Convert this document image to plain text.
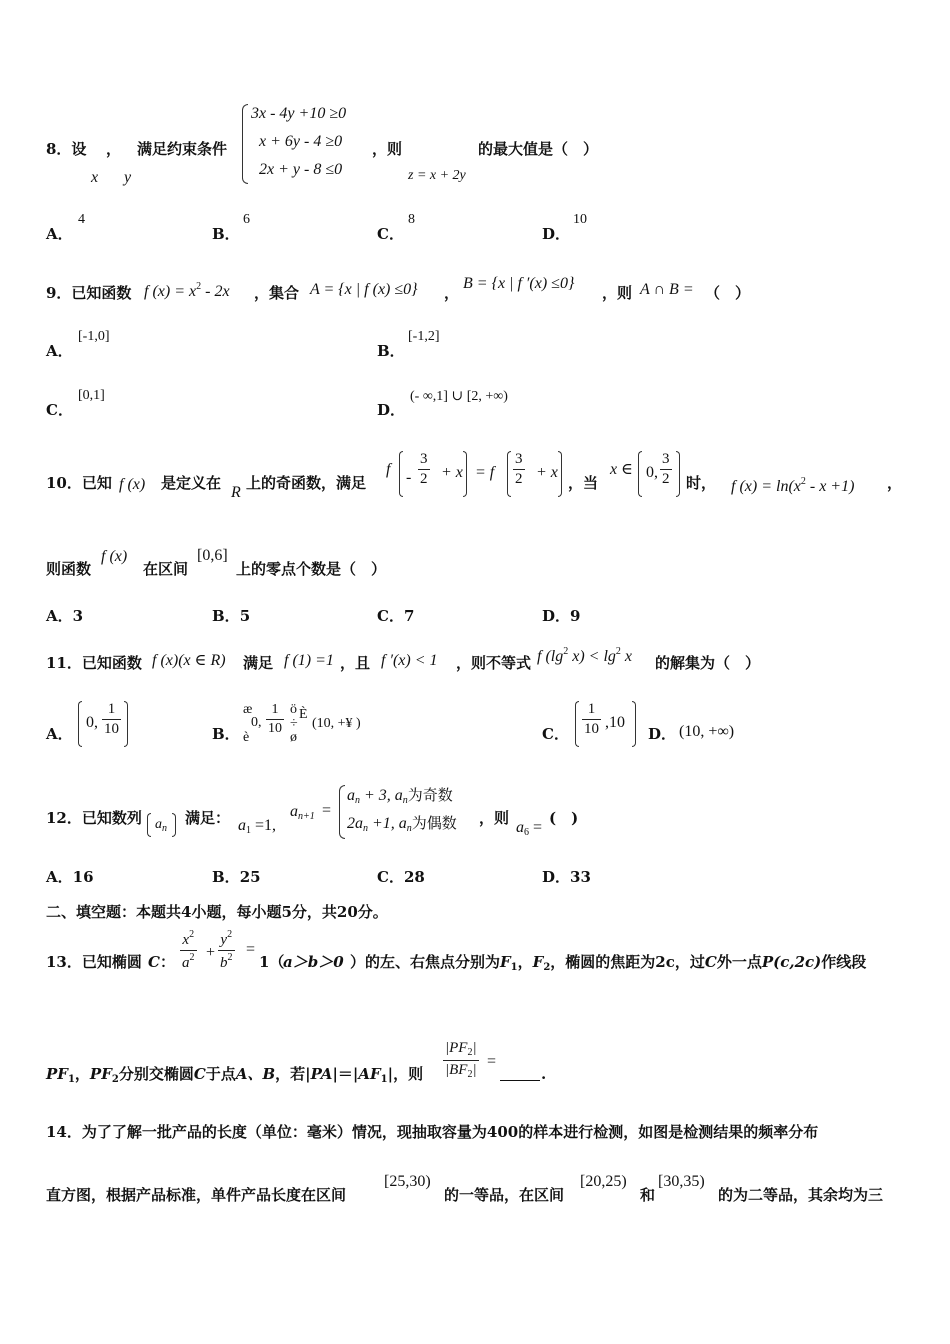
8．设 ，
x y
满足约束条件
3x - 4y +10 ≥0
x + 6y - 4 ≥0
2x + y - 8 ≤0
，则
z = x + 2y
的最大值是（　）
A．
4
B．
6
C．
8
D．
10
9．已知函数 f $(x) = x^2 - 2x$ ，集合 A = {x | f (x) ≤0} ，
B = {x | f ′(x) ≤0}
，则 A ∩ B = （　）
A．
[-1,0]
B．
[-1,2]
C．
[0,1]
D．
(- ∞,1] ∪ [2, +∞)
10．已知 f (x) 是定义在
R
上的奇函数，满足
$f - \frac{3}{2} + x = f \frac{3}{2} + x$
，当
x ∈ 0, $\frac{3}{2}$ 时， f $(x) = \ln(x^2 - x +1)$ ，
则函数
f (x)
在区间
[0,6]
上的零点个数是（　）
A．3	B．5	C．7	D．9
11．已知函数 f (x)(x ∈ R) 满足 f (1) =1 ，且 f ′(x) < 1 ，则不等式 f ($\lg^2$ $x) < \lg^2 x$ 的解集为（　）
A．
0, $\frac{1}{10}$	B．
æ
è
0, $\frac{1}{10}$ ö
÷
ø
È
(10, +¥ )
C． $\frac{1}{10} ,10$
D． (10, +∞)
12．已知数列 $a_n$
满足： $a_1 =1$,
$a_{n+1}$ =
$a_n + 3$, $a_n$为奇数
$2a_n +1$, $a_n$为偶数 ，则
$a_6$ =
(　)
A．16	B．25	C．28	D．33
二、填空题：本题共4小题，每小题5分，共20分。
13．已知椭圆 C ： $\frac{x^2}{a^2} + \frac{y^2}{b^2}$ =
1（
a＞b＞0 ）的左、右焦点分别为$F_1$，$F_2$，椭圆的焦距为2c，过C外一点P(c,2c)作线段
$PF_1$，$PF_2$分别交椭圆C于点A、B，若$|PA|=|AF_1|$，则 $\frac{|PF_2|}{|BF_2|}$ =
.
14．为了了解一批产品的长度（单位：毫米）情况，现抽取容量为400的样本进行检测，如图是检测结果的频率分布
直方图，根据产品标准，单件产品长度在区间
[25,30)
的一等品，在区间
[20,25)
和
[30,35)
的为二等品，其余均为三
